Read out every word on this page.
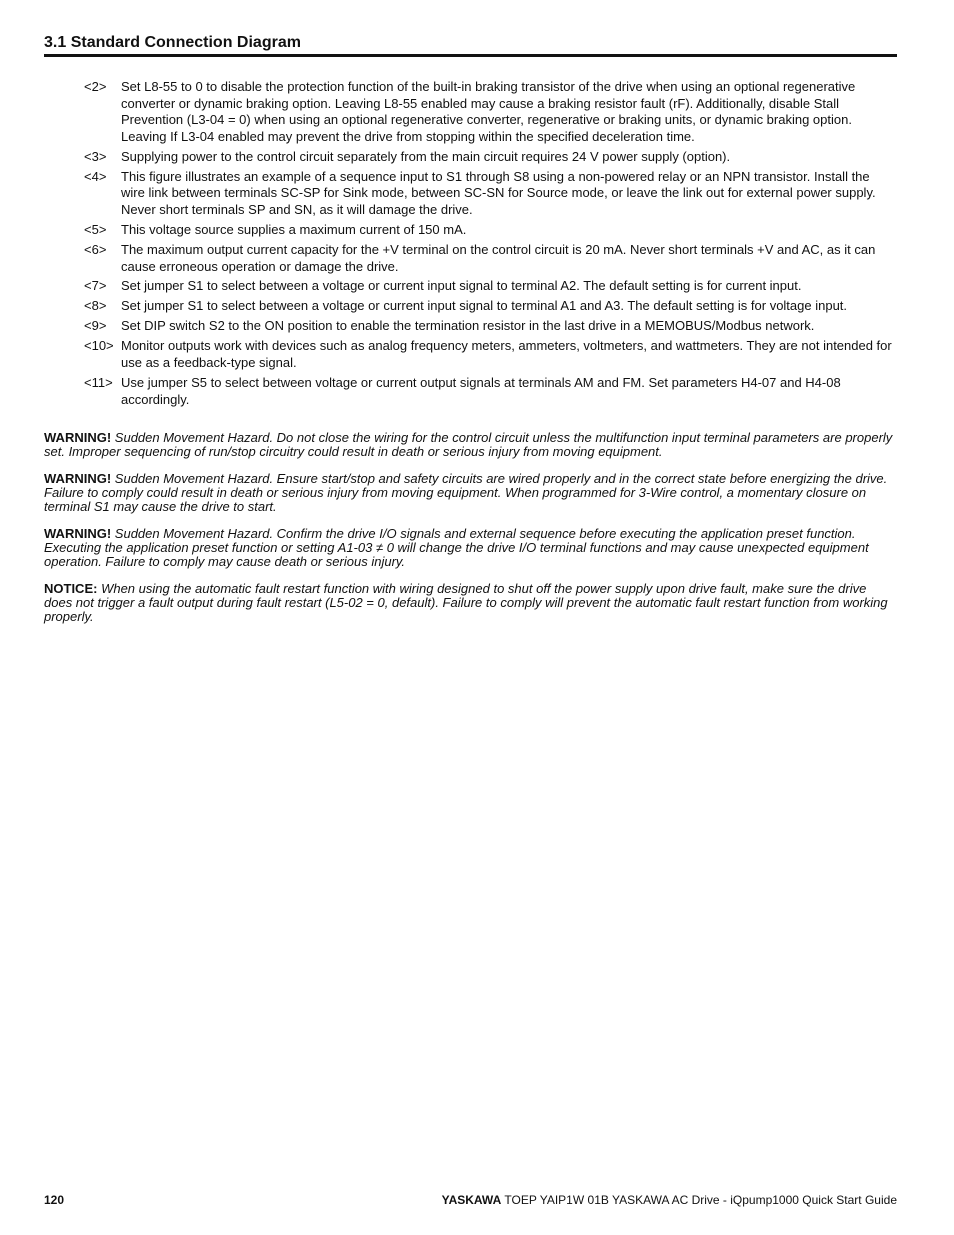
3.1 Standard Connection Diagram
<2>	Set L8-55 to 0 to disable the protection function of the built-in braking transistor of the drive when using an optional regenerative converter or dynamic braking option. Leaving L8-55 enabled may cause a braking resistor fault (rF). Additionally, disable Stall Prevention (L3-04 = 0) when using an optional regenerative converter, regenerative or braking units, or dynamic braking option. Leaving If L3-04 enabled may prevent the drive from stopping within the specified deceleration time.
<3>	Supplying power to the control circuit separately from the main circuit requires 24 V power supply (option).
<4>	This figure illustrates an example of a sequence input to S1 through S8 using a non-powered relay or an NPN transistor. Install the wire link between terminals SC-SP for Sink mode, between SC-SN for Source mode, or leave the link out for external power supply. Never short terminals SP and SN, as it will damage the drive.
<5>	This voltage source supplies a maximum current of 150 mA.
<6>	The maximum output current capacity for the +V terminal on the control circuit is 20 mA. Never short terminals +V and AC, as it can cause erroneous operation or damage the drive.
<7>	Set jumper S1 to select between a voltage or current input signal to terminal A2. The default setting is for current input.
<8>	Set jumper S1 to select between a voltage or current input signal to terminal A1 and A3. The default setting is for voltage input.
<9>	Set DIP switch S2 to the ON position to enable the termination resistor in the last drive in a MEMOBUS/Modbus network.
<10> Monitor outputs work with devices such as analog frequency meters, ammeters, voltmeters, and wattmeters. They are not intended for use as a feedback-type signal.
<11> Use jumper S5 to select between voltage or current output signals at terminals AM and FM. Set parameters H4-07 and H4-08 accordingly.

WARNING! Sudden Movement Hazard. Do not close the wiring for the control circuit unless the multifunction input terminal parameters are properly set. Improper sequencing of run/stop circuitry could result in death or serious injury from moving equipment.

WARNING! Sudden Movement Hazard. Ensure start/stop and safety circuits are wired properly and in the correct state before energizing the drive. Failure to comply could result in death or serious injury from moving equipment. When programmed for 3-Wire control, a momentary closure on terminal S1 may cause the drive to start.

WARNING! Sudden Movement Hazard. Confirm the drive I/O signals and external sequence before executing the application preset function. Executing the application preset function or setting A1-03 ≠ 0 will change the drive I/O terminal functions and may cause unexpected equipment operation. Failure to comply may cause death or serious injury.

NOTICE: When using the automatic fault restart function with wiring designed to shut off the power supply upon drive fault, make sure the drive does not trigger a fault output during fault restart (L5-02 = 0, default). Failure to comply will prevent the automatic fault restart function from working properly.

120	YASKAWA TOEP YAIP1W 01B YASKAWA AC Drive - iQpump1000 Quick Start Guide
